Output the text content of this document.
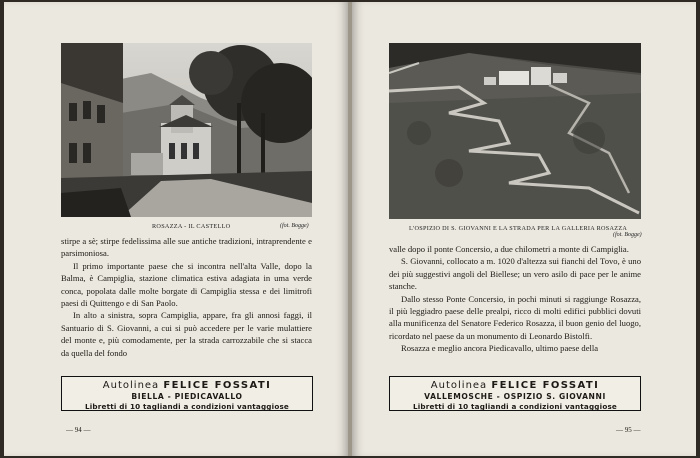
ROSAZZA - IL CASTELLO	(fot. Bogge)

stirpe a sè; stirpe fedelissima alle sue antiche tradizioni, intraprendente e parsimoniosa.

Il primo importante paese che si incontra nell'alta Valle, dopo la Balma, è Campiglia, stazione climatica estiva adagiata in uma verde conca, popolata dalle molte borgate di Campiglia stessa e dei limitrofi paesi di Quittengo e di San Paolo.

In alto a sinistra, sopra Campiglia, appare, fra gli annosi faggi, il Santuario di S. Giovanni, a cui si può accedere per le varie mulattiere del monte e, più comodamente, per la strada carrozzabile che si stacca da quella del fondo

Autolinea FELICE FOSSATI
BIELLA - PIEDICAVALLO
Libretti di 10 tagliandi a condizioni vantaggiose
— 94 —
L'OSPIZIO DI S. GIOVANNI E LA STRADA PER LA GALLERIA ROSAZZA
(fot. Bogge)

valle dopo il ponte Concersio, a due chilometri a monte di Campiglia.

S. Giovanni, collocato a m. 1020 d'altezza sui fianchi del Tovo, è uno dei più suggestivi angoli del Biellese; un vero asilo di pace per le anime stanche.

Dallo stesso Ponte Concersio, in pochi minuti si raggiunge Rosazza, il più leggiadro paese delle prealpi, ricco di molti edifici pubblici dovuti alla munificenza del Senatore Federico Rosazza, il buon genio del luogo, ricordato nel paese da un monumento di Leonardo Bistolfi.

Rosazza e meglio ancora Piedicavallo, ultimo paese della

Autolinea FELICE FOSSATI
VALLEMOSCHE - OSPIZIO S. GIOVANNI
Libretti di 10 tagliandi a condizioni vantaggiose
— 95 —
